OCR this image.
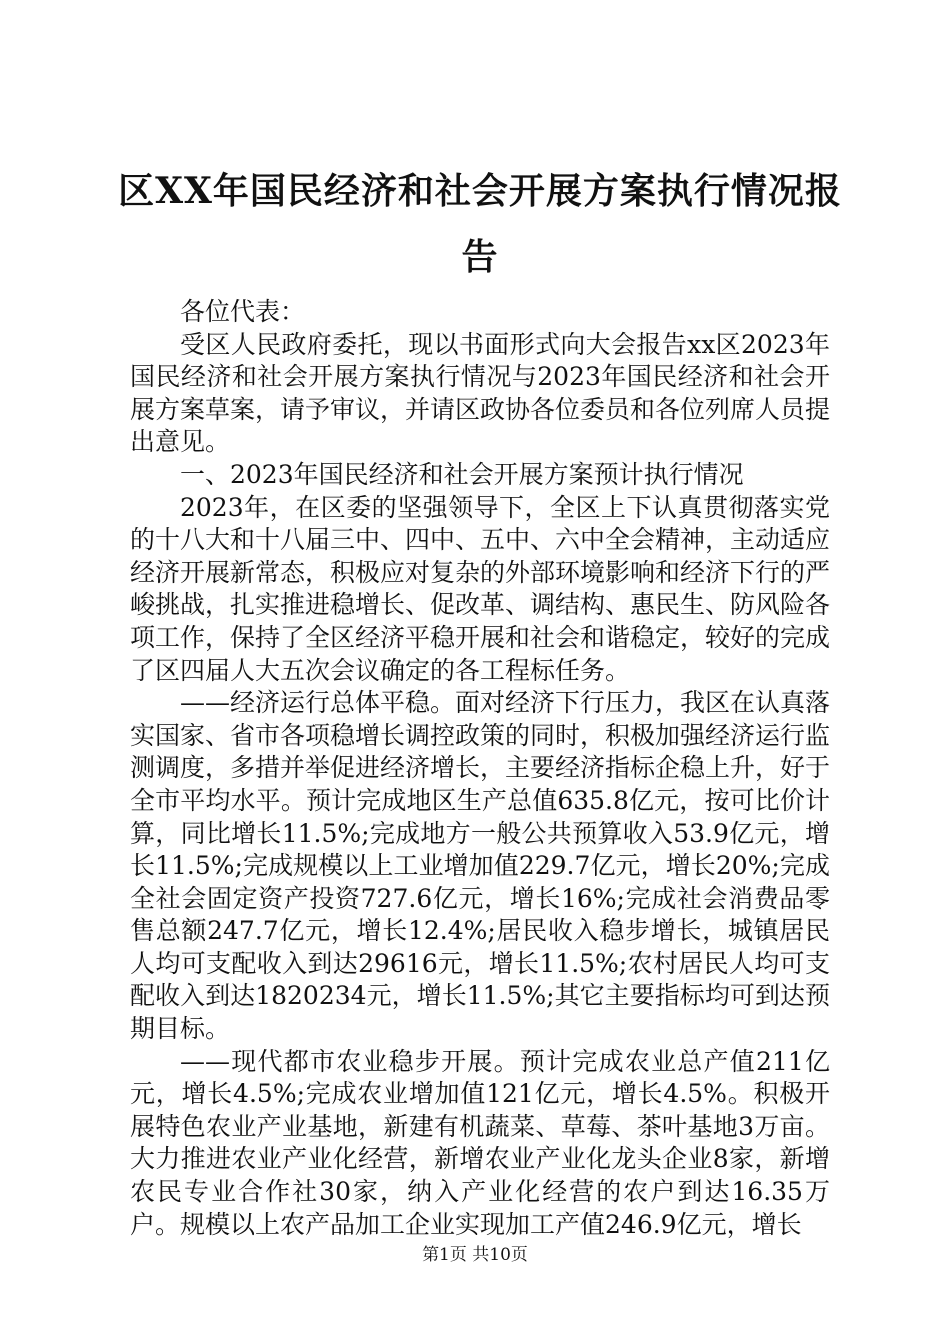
区XX年国民经济和社会开展方案执行情况报告

各位代表：

受区人民政府委托，现以书面形式向大会报告xx区2023年国民经济和社会开展方案执行情况与2023年国民经济和社会开展方案草案，请予审议，并请区政协各位委员和各位列席人员提出意见。

一、2023年国民经济和社会开展方案预计执行情况

2023年，在区委的坚强领导下，全区上下认真贯彻落实党的十八大和十八届三中、四中、五中、六中全会精神，主动适应经济开展新常态，积极应对复杂的外部环境影响和经济下行的严峻挑战，扎实推进稳增长、促改革、调结构、惠民生、防风险各项工作，保持了全区经济平稳开展和社会和谐稳定，较好的完成了区四届人大五次会议确定的各工程标任务。

——经济运行总体平稳。面对经济下行压力，我区在认真落实国家、省市各项稳增长调控政策的同时，积极加强经济运行监测调度，多措并举促进经济增长，主要经济指标企稳上升，好于全市平均水平。预计完成地区生产总值635.8亿元，按可比价计算，同比增长11.5%;完成地方一般公共预算收入53.9亿元，增长11.5%;完成规模以上工业增加值229.7亿元，增长20%;完成全社会固定资产投资727.6亿元，增长16%;完成社会消费品零售总额247.7亿元，增长12.4%;居民收入稳步增长，城镇居民人均可支配收入到达29616元，增长11.5%;农村居民人均可支配收入到达1820234元，增长11.5%;其它主要指标均可到达预期目标。

——现代都市农业稳步开展。预计完成农业总产值211亿元，增长4.5%;完成农业增加值121亿元，增长4.5%。积极开展特色农业产业基地，新建有机蔬菜、草莓、茶叶基地3万亩。大力推进农业产业化经营，新增农业产业化龙头企业8家，新增农民专业合作社30家，纳入产业化经营的农户到达16.35万户。规模以上农产品加工企业实现加工产值246.9亿元，增长

第1页 共10页
